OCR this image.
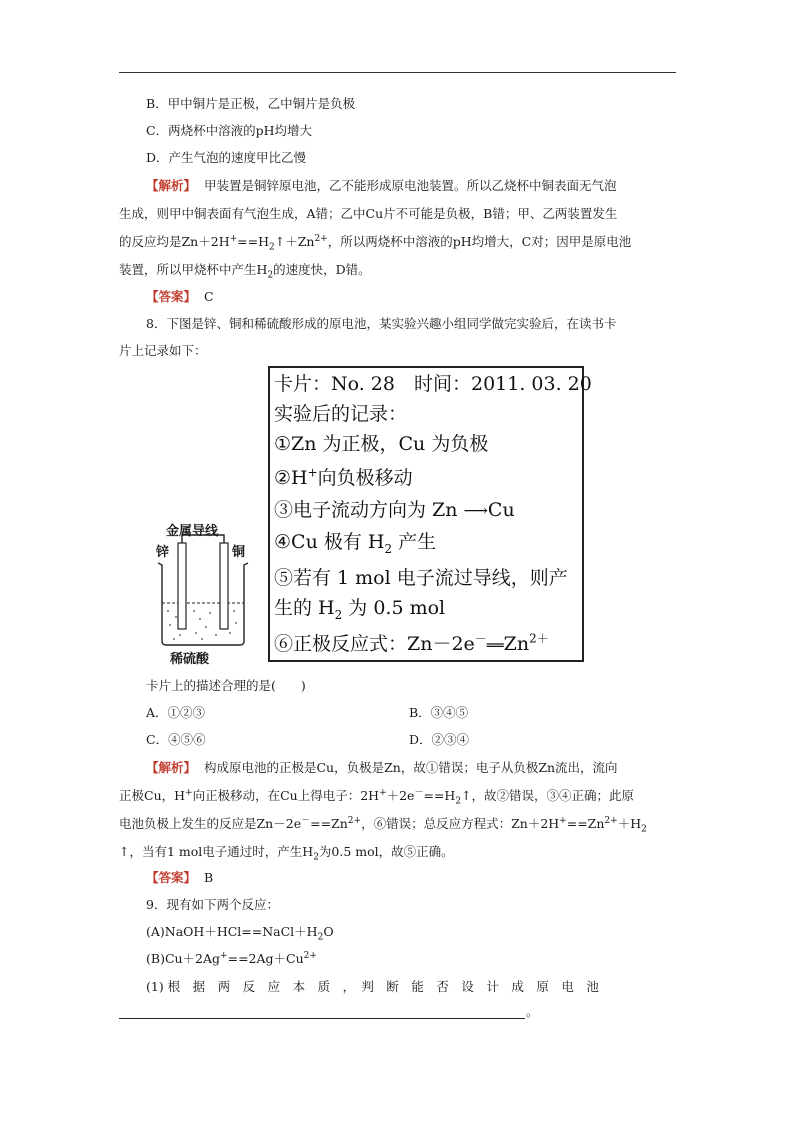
B．甲中铜片是正极，乙中铜片是负极
C．两烧杯中溶液的pH均增大
D．产生气泡的速度甲比乙慢
【解析】 甲装置是铜锌原电池，乙不能形成原电池装置。所以乙烧杯中铜表面无气泡
生成，则甲中铜表面有气泡生成，A错；乙中Cu片不可能是负极，B错；甲、乙两装置发生
的反应均是$Zn+2H^+==H_2↑+Zn^{2+}$，所以两烧杯中溶液的pH均增大，C对；因甲是原电池
装置，所以甲烧杯中产生$H_2$的速度快，D错。
【答案】 C
8．下图是锌、铜和稀硫酸形成的原电池，某实验兴趣小组同学做完实验后，在读书卡
片上记录如下：
金属导线
锌	铜
稀硫酸
卡片：No. 28　时间：2011. 03. 20
实验后的记录：
①Zn 为正极，Cu 为负极
②H+向负极移动
③电子流动方向为 Zn ⟶Cu
④Cu 极有 $H_2$ 产生
⑤若有 1 mol 电子流过导线，则产
生的 $H_2$ 为 0.5 mol
⑥正极反应式：$Zn-2e^-══Zn^{2+}$
卡片上的描述合理的是(　　)
A．①②③	B．③④⑤
C．④⑤⑥	D．②③④
【解析】 构成原电池的正极是Cu，负极是Zn，故①错误；电子从负极Zn流出，流向
正极Cu，H+向正极移动，在Cu上得电子：$2H^++2e^-==H_2↑$，故②错误，③④正确；此原
电池负极上发生的反应是$Zn-2e^-==Zn^{2+}$，⑥错误；总反应方程式：$Zn+2H^+==Zn^{2+}+H_2$
↑，当有1 mol电子通过时，产生$H_2$为0.5 mol，故⑤正确。
【答案】 B
9．现有如下两个反应：
$(A)NaOH+HCl==NaCl+H_2O$
$(B)Cu+2Ag^+==2Ag+Cu^{2+}$
(1) 根　据　两　反　应　本　质　，　判　断　能　否　设　计　成　原　电　池
。
